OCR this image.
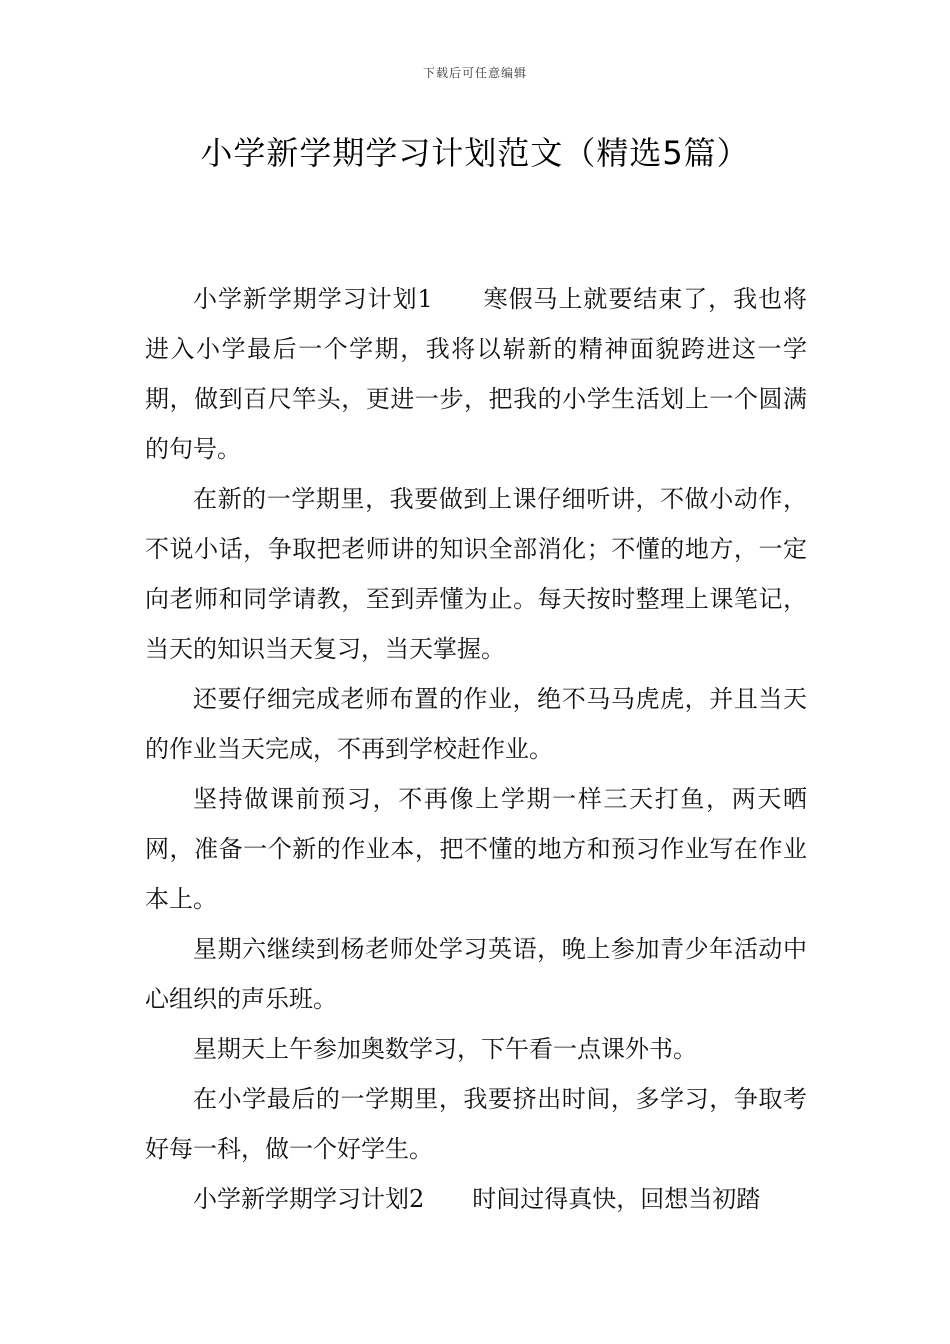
下载后可任意编辑
小学新学期学习计划范文（精选5篇）

小学新学期学习计划1　　寒假马上就要结束了，我也将进入小学最后一个学期，我将以崭新的精神面貌跨进这一学期，做到百尺竿头，更进一步，把我的小学生活划上一个圆满的句号。

在新的一学期里，我要做到上课仔细听讲，不做小动作，不说小话，争取把老师讲的知识全部消化；不懂的地方，一定向老师和同学请教，至到弄懂为止。每天按时整理上课笔记，当天的知识当天复习，当天掌握。

还要仔细完成老师布置的作业，绝不马马虎虎，并且当天的作业当天完成，不再到学校赶作业。

坚持做课前预习，不再像上学期一样三天打鱼，两天晒网，准备一个新的作业本，把不懂的地方和预习作业写在作业本上。

星期六继续到杨老师处学习英语，晚上参加青少年活动中心组织的声乐班。

星期天上午参加奥数学习，下午看一点课外书。

在小学最后的一学期里，我要挤出时间，多学习，争取考好每一科，做一个好学生。

小学新学期学习计划2　　时间过得真快，回想当初踏
